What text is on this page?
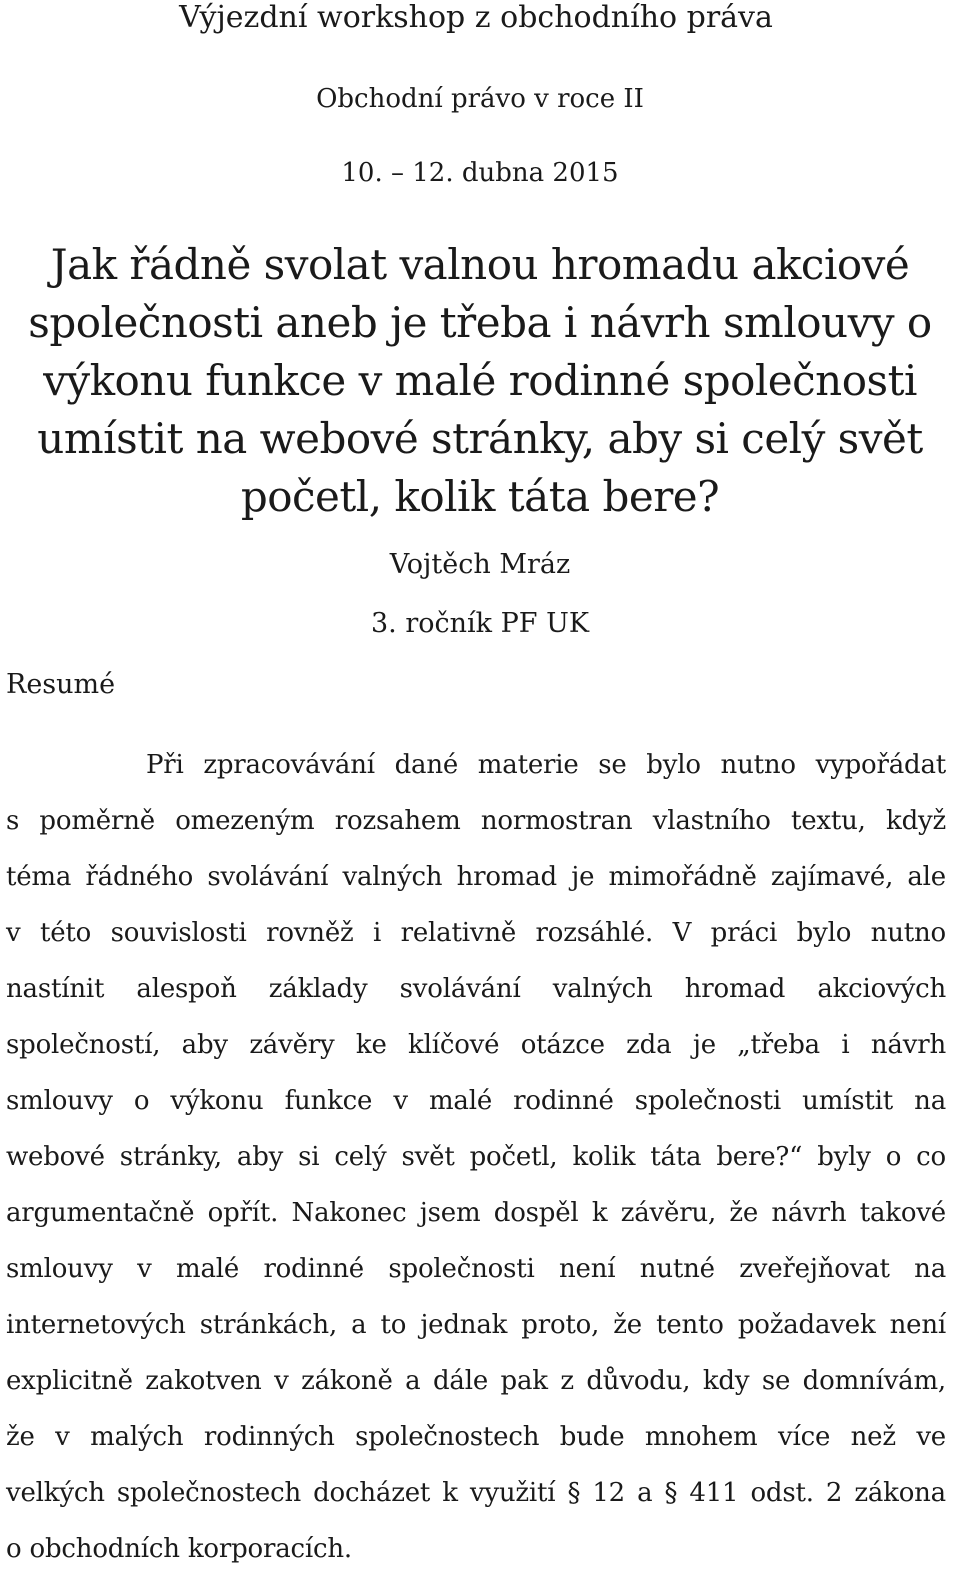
Výjezdní workshop z obchodního práva
Obchodní právo v roce II
10. – 12. dubna 2015
Jak řádně svolat valnou hromadu akciové
společnosti aneb je třeba i návrh smlouvy o
výkonu funkce v malé rodinné společnosti
umístit na webové stránky, aby si celý svět
početl, kolik táta bere?
Vojtěch Mráz
3. ročník PF UK
Resumé
Při zpracovávání dané materie se bylo nutno vypořádat
s poměrně omezeným rozsahem normostran vlastního textu, když
téma řádného svolávání valných hromad je mimořádně zajímavé, ale
v této souvislosti rovněž i relativně rozsáhlé. V práci bylo nutno
nastínit alespoň základy svolávání valných hromad akciových
společností, aby závěry ke klíčové otázce zda je „třeba i návrh
smlouvy o výkonu funkce v malé rodinné společnosti umístit na
webové stránky, aby si celý svět početl, kolik táta bere?“ byly o co
argumentačně opřít. Nakonec jsem dospěl k závěru, že návrh takové
smlouvy v malé rodinné společnosti není nutné zveřejňovat na
internetových stránkách, a to jednak proto, že tento požadavek není
explicitně zakotven v zákoně a dále pak z důvodu, kdy se domnívám,
že v malých rodinných společnostech bude mnohem více než ve
velkých společnostech docházet k využití § 12 a § 411 odst. 2 zákona
o obchodních korporacích.
